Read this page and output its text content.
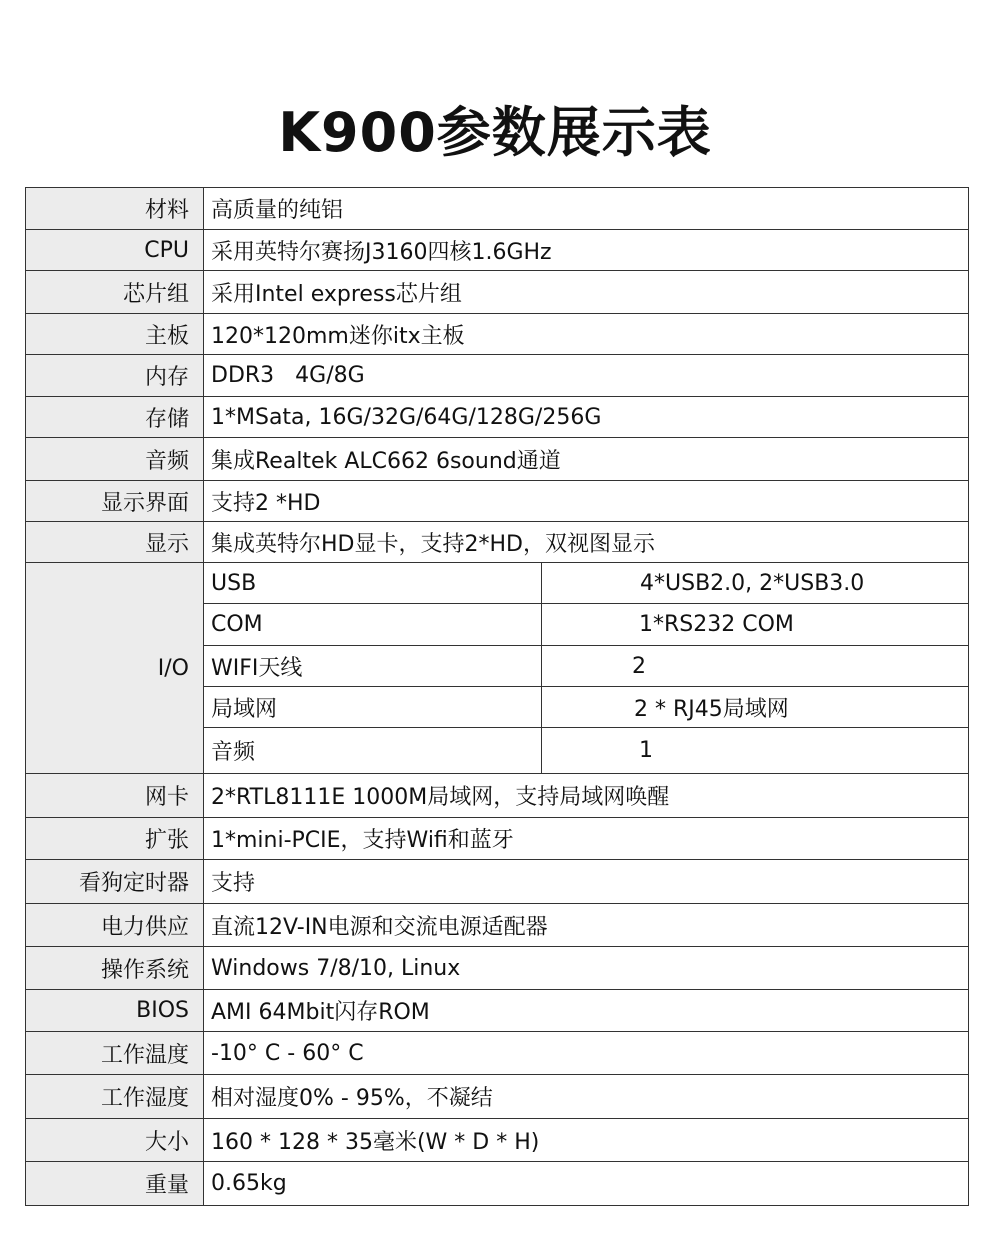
K900参数展示表
材料	高质量的纯铝	
CPU	采用英特尔赛扬J3160四核1.6GHz	
芯片组	采用Intel express芯片组	
主板	120*120mm迷你itx主板	
内存	DDR3   4G/8G	
存储	1*MSata, 16G/32G/64G/128G/256G	
音频	集成Realtek ALC662 6sound通道	
显示界面	支持2 *HD	
显示	集成英特尔HD显卡，支持2*HD，双视图显示	
I/O	USB	4*USB2.0, 2*USB3.0
	COM	1*RS232 COM
	WIFI天线	2
	局域网	2 * RJ45局域网
	音频	1
网卡	2*RTL8111E 1000M局域网，支持局域网唤醒	
扩张	1*mini-PCIE，支持Wifi和蓝牙	
看狗定时器	支持	
电力供应	直流12V-IN电源和交流电源适配器	
操作系统	Windows 7/8/10, Linux	
BIOS	AMI 64Mbit闪存ROM	
工作温度	-10° C - 60° C	
工作湿度	相对湿度0% - 95%，不凝结	
大小	160 * 128 * 35毫米(W * D * H)	
重量	0.65kg	
